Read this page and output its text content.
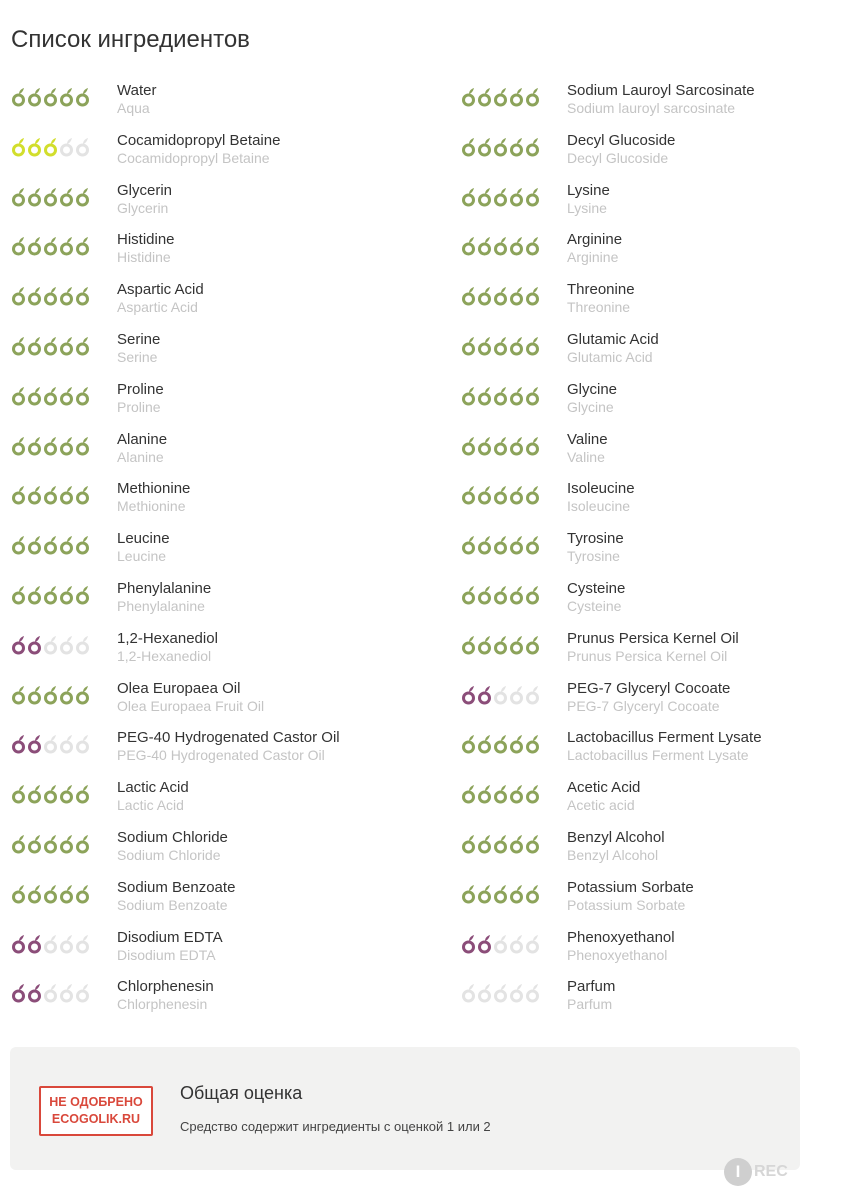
Список ингредиентов
Water
Aqua
Cocamidopropyl Betaine
Cocamidopropyl Betaine
Glycerin
Glycerin
Histidine
Histidine
Aspartic Acid
Aspartic Acid
Serine
Serine
Proline
Proline
Alanine
Alanine
Methionine
Methionine
Leucine
Leucine
Phenylalanine
Phenylalanine
1,2-Hexanediol
1,2-Hexanediol
Olea Europaea Oil
Olea Europaea Fruit Oil
PEG-40 Hydrogenated Castor Oil
PEG-40 Hydrogenated Castor Oil
Lactic Acid
Lactic Acid
Sodium Chloride
Sodium Chloride
Sodium Benzoate
Sodium Benzoate
Disodium EDTA
Disodium EDTA
Chlorphenesin
Chlorphenesin
Sodium Lauroyl Sarcosinate
Sodium lauroyl sarcosinate
Decyl Glucoside
Decyl Glucoside
Lysine
Lysine
Arginine
Arginine
Threonine
Threonine
Glutamic Acid
Glutamic Acid
Glycine
Glycine
Valine
Valine
Isoleucine
Isoleucine
Tyrosine
Tyrosine
Cysteine
Cysteine
Prunus Persica Kernel Oil
Prunus Persica Kernel Oil
PEG-7 Glyceryl Cocoate
PEG-7 Glyceryl Cocoate
Lactobacillus Ferment Lysate
Lactobacillus Ferment Lysate
Acetic Acid
Acetic acid
Benzyl Alcohol
Benzyl Alcohol
Potassium Sorbate
Potassium Sorbate
Phenoxyethanol
Phenoxyethanol
Parfum
Parfum
НЕ ОДОБРЕНО
ECOGOLIK.RU
Общая оценка
Средство содержит ингредиенты с оценкой 1 или 2
I REC
